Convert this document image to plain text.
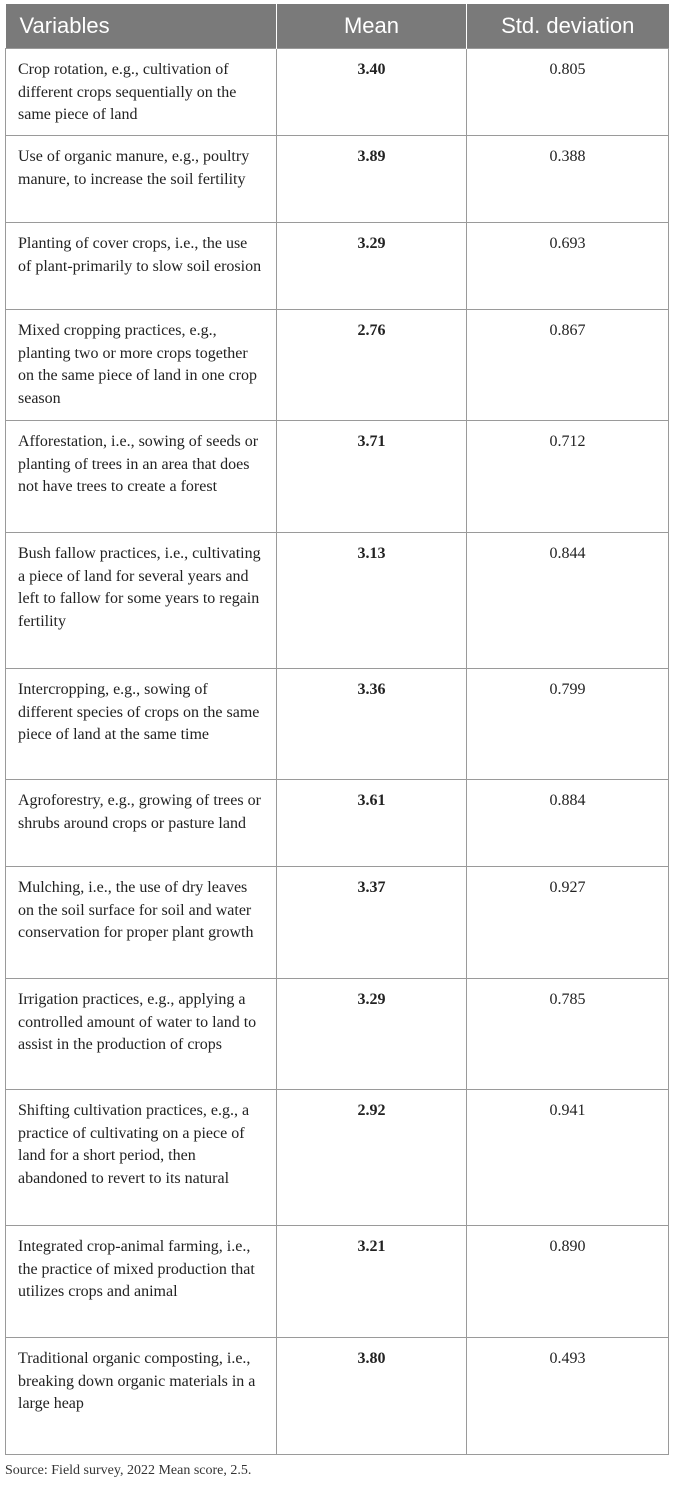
Variables	Mean	Std. deviation
Crop rotation, e.g., cultivation of different crops sequentially on the same piece of land	3.40	0.805
Use of organic manure, e.g., poultry manure, to increase the soil fertility	3.89	0.388
Planting of cover crops, i.e., the use of plant-primarily to slow soil erosion	3.29	0.693
Mixed cropping practices, e.g., planting two or more crops together on the same piece of land in one crop season	2.76	0.867
Afforestation, i.e., sowing of seeds or planting of trees in an area that does not have trees to create a forest	3.71	0.712
Bush fallow practices, i.e., cultivating a piece of land for several years and left to fallow for some years to regain fertility	3.13	0.844
Intercropping, e.g., sowing of different species of crops on the same piece of land at the same time	3.36	0.799
Agroforestry, e.g., growing of trees or shrubs around crops or pasture land	3.61	0.884
Mulching, i.e., the use of dry leaves on the soil surface for soil and water conservation for proper plant growth	3.37	0.927
Irrigation practices, e.g., applying a controlled amount of water to land to assist in the production of crops	3.29	0.785
Shifting cultivation practices, e.g., a practice of cultivating on a piece of land for a short period, then abandoned to revert to its natural	2.92	0.941
Integrated crop-animal farming, i.e., the practice of mixed production that utilizes crops and animal	3.21	0.890
Traditional organic composting, i.e., breaking down organic materials in a large heap	3.80	0.493
Source: Field survey, 2022 Mean score, 2.5.
